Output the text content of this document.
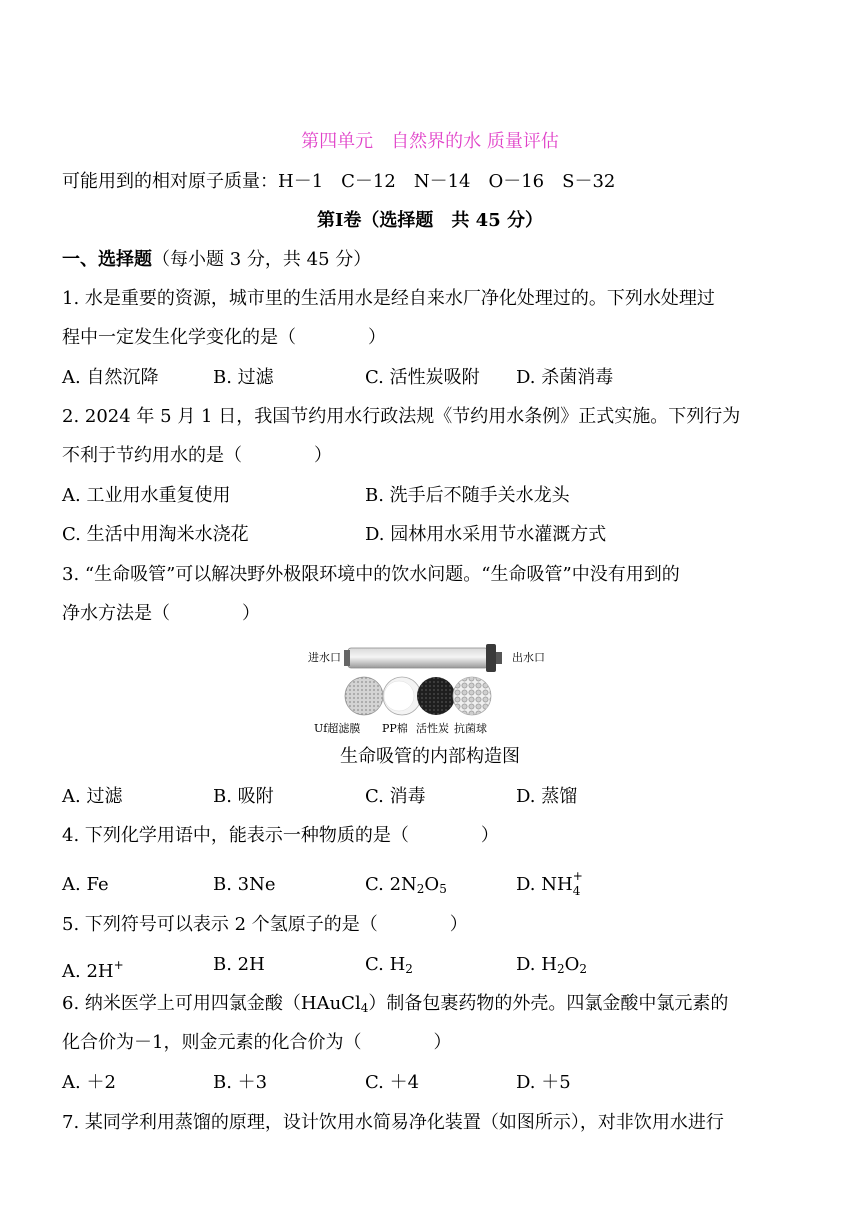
第四单元　自然界的水 质量评估
可能用到的相对原子质量：H－1　C－12　N－14　O－16　S－32
第Ⅰ卷（选择题　共 45 分）
一、选择题（每小题 3 分，共 45 分）
1. 水是重要的资源，城市里的生活用水是经自来水厂净化处理过的。下列水处理过
程中一定发生化学变化的是（　　　　）
A. 自然沉降	B. 过滤	C. 活性炭吸附 D. 杀菌消毒
2. 2024 年 5 月 1 日，我国节约用水行政法规《节约用水条例》正式实施。下列行为
不利于节约用水的是（　　　　）
A. 工业用水重复使用	B. 洗手后不随手关水龙头
C. 生活中用淘米水浇花	D. 园林用水采用节水灌溉方式
3. “生命吸管”可以解决野外极限环境中的饮水问题。“生命吸管”中没有用到的
净水方法是（　　　　）
进水口	出水口
Uf超滤膜 PP棉 活性炭 抗菌球
生命吸管的内部构造图
A. 过滤	B. 吸附	C. 消毒	D. 蒸馏
4. 下列化学用语中，能表示一种物质的是（　　　　）
A. Fe	B. 3Ne	C. $2N_2O_5$	D. NH +
4
5. 下列符号可以表示 2 个氢原子的是（　　　　）
A. 2H+	B. 2H	C. $H_2$	D. $H_2O_2$
6. 纳米医学上可用四氯金酸（HAuCl$_4$）制备包裹药物的外壳。四氯金酸中氯元素的
化合价为－1，则金元素的化合价为（　　　　）
A. ＋2	B. ＋3	C. ＋4	D. ＋5
7. 某同学利用蒸馏的原理，设计饮用水简易净化装置（如图所示），对非饮用水进行
